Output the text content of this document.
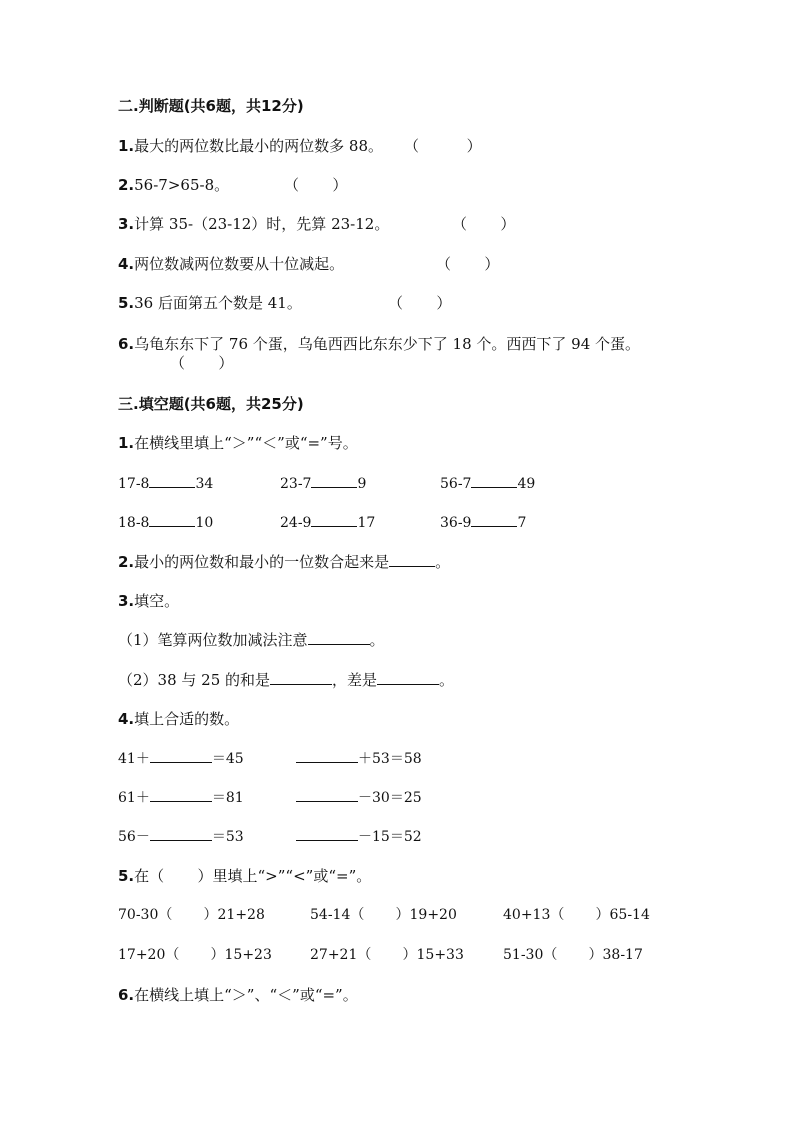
二.判断题(共6题，共12分)
1.最大的两位数比最小的两位数多 88。 （          ）
2.56-7>65-8。	（       ）
3.计算 35-（23-12）时，先算 23-12。	（       ）
4.两位数减两位数要从十位减起。	（       ）
5.36 后面第五个数是 41。	（       ）
6.乌龟东东下了 76 个蛋，乌龟西西比东东少下了 18 个。西西下了 94 个蛋。
（       ）
三.填空题(共6题，共25分)
1.在横线里填上“＞”“＜”或“=”号。
17-8	34	23-7	9	56-7	49
18-8	10	24-9	17	36-9	7
2.最小的两位数和最小的一位数合起来是	。
3.填空。
（1）笔算两位数加减法注意	。
（2）38 与 25 的和是	，差是	。
4.填上合适的数。
41＋	＝45	＋53＝58
61＋	＝81	－30＝25
56－	＝53	－15＝52
5.在（       ）里填上“>”“<”或“=”。
70-30（       ）21+28	54-14（       ）19+20	40+13（       ）65-14
17+20（       ）15+23	27+21（       ）15+33	51-30（       ）38-17
6.在横线上填上“＞”、“＜”或“=”。
